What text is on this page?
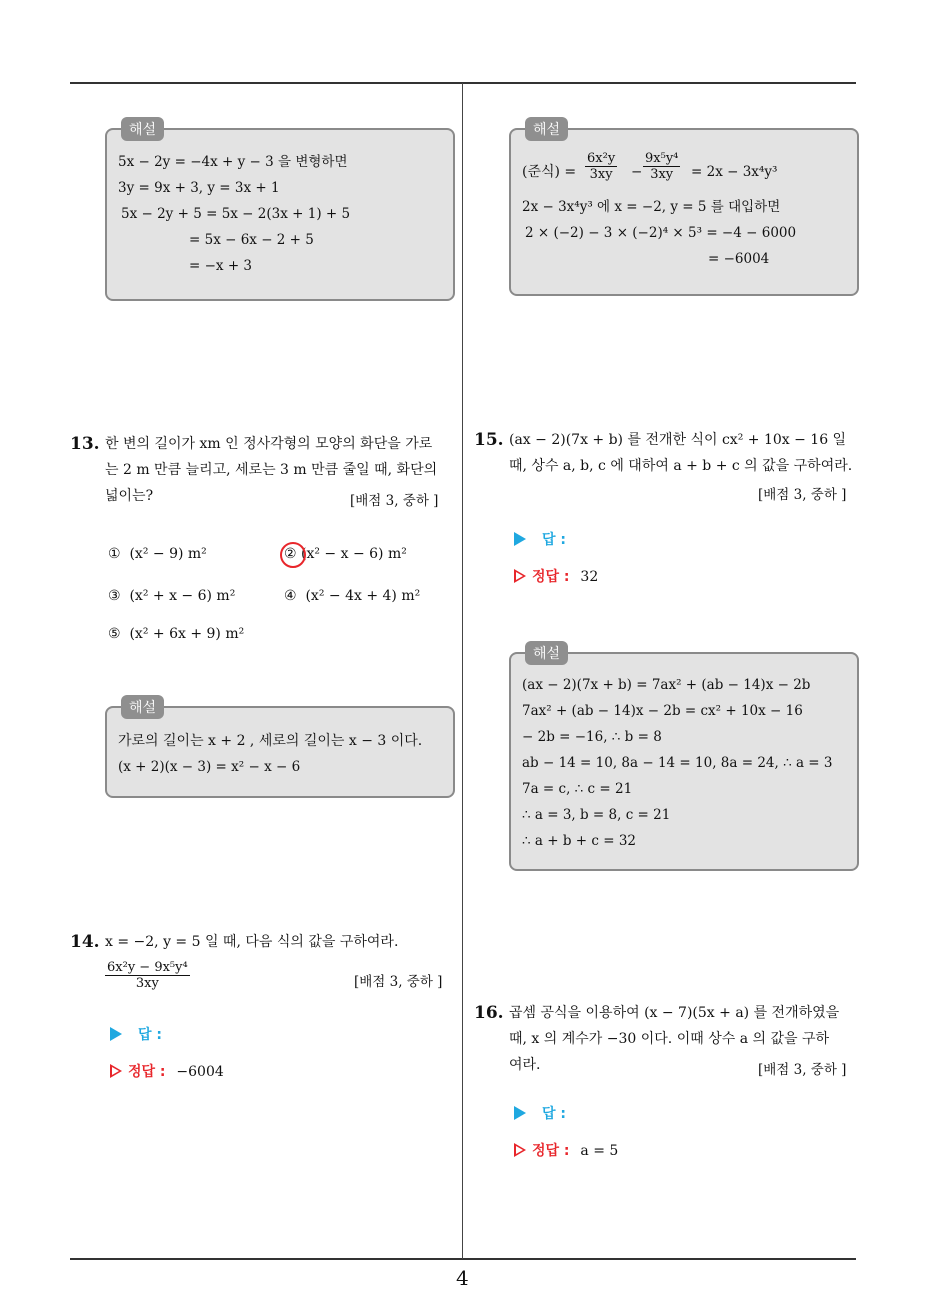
해설
5x − 2y = −4x + y − 3 을 변형하면
3y = 9x + 3, y = 3x + 1
5x − 2y + 5 = 5x − 2(3x + 1) + 5
= 5x − 6x − 2 + 5
= −x + 3
13. 한 변의 길이가 xm 인 정사각형의 모양의 화단을 가로
는 2 m 만큼 늘리고, 세로는 3 m 만큼 줄일 때, 화단의
넓이는?	[배점 3, 중하 ]
① (x² − 9) m²	② (x² − x − 6) m²
③ (x² + x − 6) m²	④ (x² − 4x + 4) m²
⑤ (x² + 6x + 9) m²
해설
가로의 길이는 x + 2 , 세로의 길이는 x − 3 이다.
(x + 2)(x − 3) = x² − x − 6
14. x = −2, y = 5 일 때, 다음 식의 값을 구하여라.
6x²y − 9x⁵y⁴
3xy	[배점 3, 중하 ]
답 :
정답 : −6004
해설
(준식) =
6x²y
3xy	−
9x⁵y⁴
3xy	= 2x − 3x⁴y³
2x − 3x⁴y³ 에 x = −2, y = 5 를 대입하면
2 × (−2) − 3 × (−2)⁴ × 5³ = −4 − 6000
= −6004
15. (ax − 2)(7x + b) 를 전개한 식이 cx² + 10x − 16 일
때, 상수 a, b, c 에 대하여 a + b + c 의 값을 구하여라.
[배점 3, 중하 ]
답 :
정답 : 32
해설
(ax − 2)(7x + b) = 7ax² + (ab − 14)x − 2b
7ax² + (ab − 14)x − 2b = cx² + 10x − 16
− 2b = −16, ∴ b = 8
ab − 14 = 10, 8a − 14 = 10, 8a = 24, ∴ a = 3
7a = c, ∴ c = 21
∴ a = 3, b = 8, c = 21
∴ a + b + c = 32
16. 곱셈 공식을 이용하여 (x − 7)(5x + a) 를 전개하였을
때, x 의 계수가 −30 이다. 이때 상수 a 의 값을 구하
여라.	[배점 3, 중하 ]
답 :
정답 : a = 5
4
